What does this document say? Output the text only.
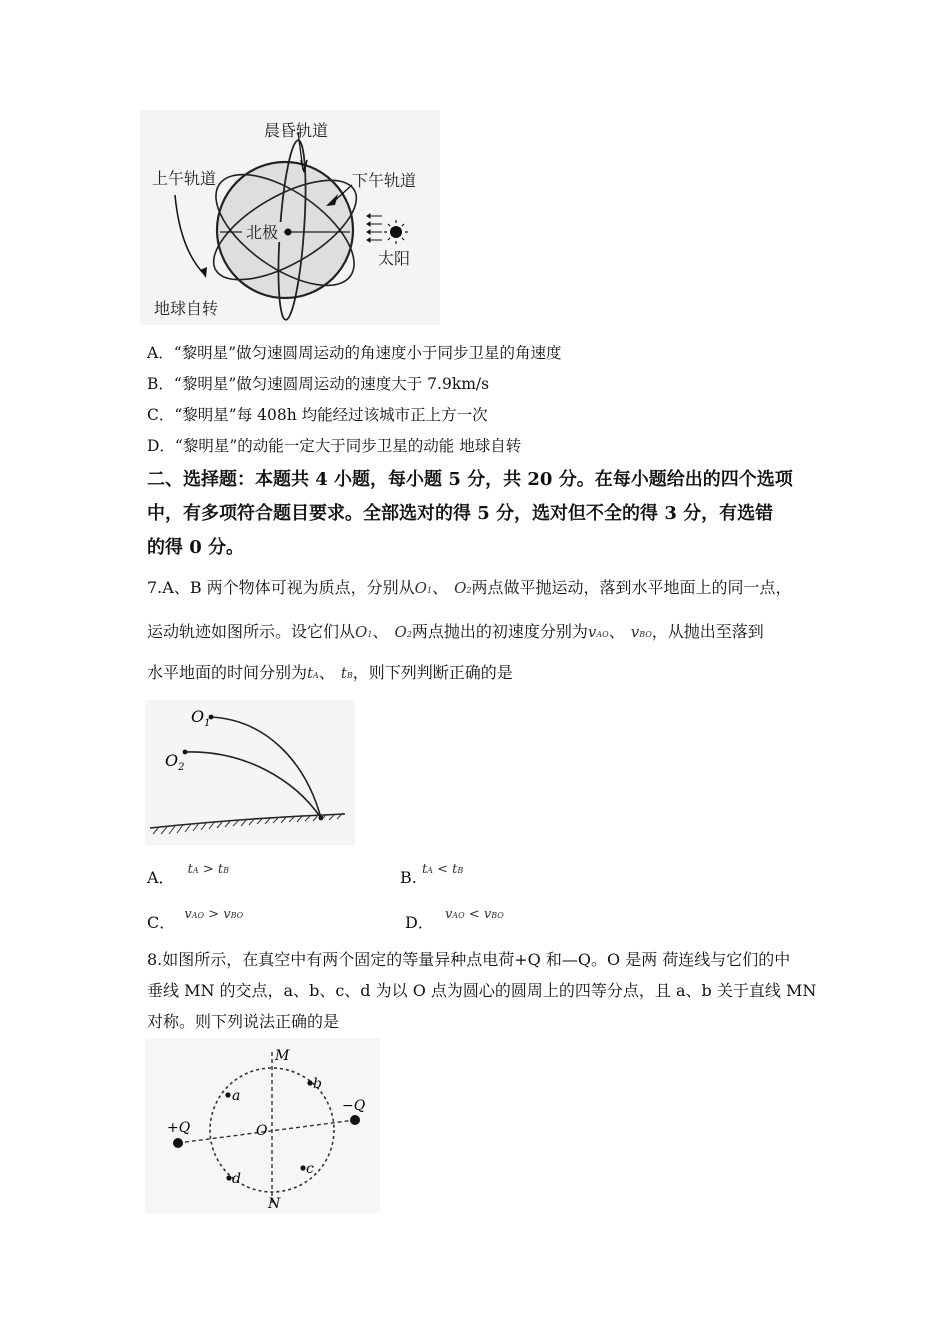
晨昏轨道
上午轨道	下午轨道
北极
太阳
地球自转
A．“黎明星”做匀速圆周运动的角速度小于同步卫星的角速度
B．“黎明星”做匀速圆周运动的速度大于 7.9km/s
C．“黎明星”每 408h 均能经过该城市正上方一次
D．“黎明星”的动能一定大于同步卫星的动能 地球自转
二、选择题：本题共 4 小题，每小题 5 分，共 20 分。在每小题给出的四个选项
中，有多项符合题目要求。全部选对的得 5 分，选对但不全的得 3 分，有选错
的得 0 分。
7.A、B 两个物体可视为质点，分别从O1、 O2两点做平抛运动，落到水平地面上的同一点，
运动轨迹如图所示。设它们从O1、 O2两点抛出的初速度分别为vAO、 vBO，从抛出至落到
水平地面的时间分别为tA、 tB，则下列判断正确的是
$O_1$
$O_2$
A． $^{tA > tB}$	B. $^{tA < tB}$
C． $^{vAO > vBO}$	D． $^{vAO < vBO}$
8.如图所示，在真空中有两个固定的等量异种点电荷+Q 和—Q。O 是两 荷连线与它们的中
垂线 MN 的交点，a、b、c、d 为以 O 点为圆心的圆周上的四等分点，且 a、b 关于直线 MN
对称。则下列说法正确的是
M
N
O
a
b
c
d
+Q
−Q
